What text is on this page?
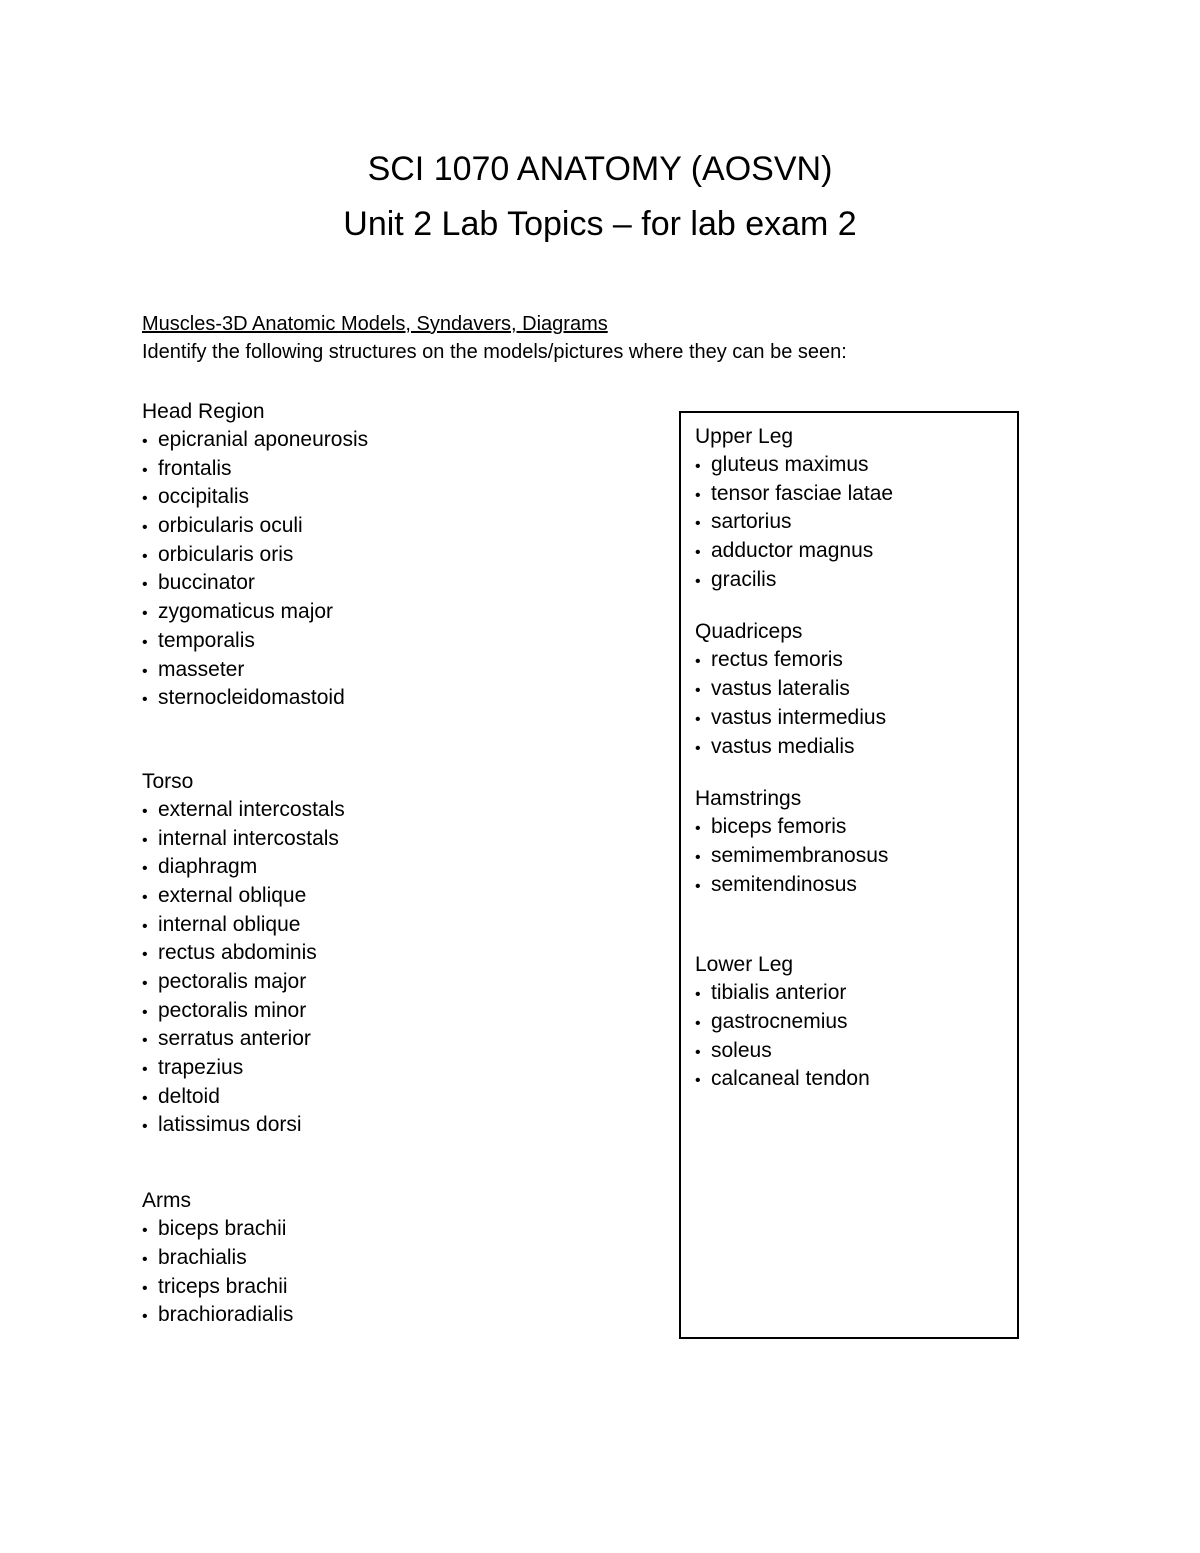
SCI 1070 ANATOMY (AOSVN)
Unit 2 Lab Topics – for lab exam 2
Muscles-3D Anatomic Models, Syndavers, Diagrams
Identify the following structures on the models/pictures where they can be seen:
Head Region
• epicranial aponeurosis
• frontalis
• occipitalis
• orbicularis oculi
• orbicularis oris
• buccinator
• zygomaticus major
• temporalis
• masseter
• sternocleidomastoid
Torso
• external intercostals
• internal intercostals
• diaphragm
• external oblique
• internal oblique
• rectus abdominis
• pectoralis major
• pectoralis minor
• serratus anterior
• trapezius
• deltoid
• latissimus dorsi
Arms
• biceps brachii
• brachialis
• triceps brachii
• brachioradialis
Upper Leg
• gluteus maximus
• tensor fasciae latae
• sartorius
• adductor magnus
• gracilis
Quadriceps
• rectus femoris
• vastus lateralis
• vastus intermedius
• vastus medialis
Hamstrings
• biceps femoris
• semimembranosus
• semitendinosus
Lower Leg
• tibialis anterior
• gastrocnemius
• soleus
• calcaneal tendon
